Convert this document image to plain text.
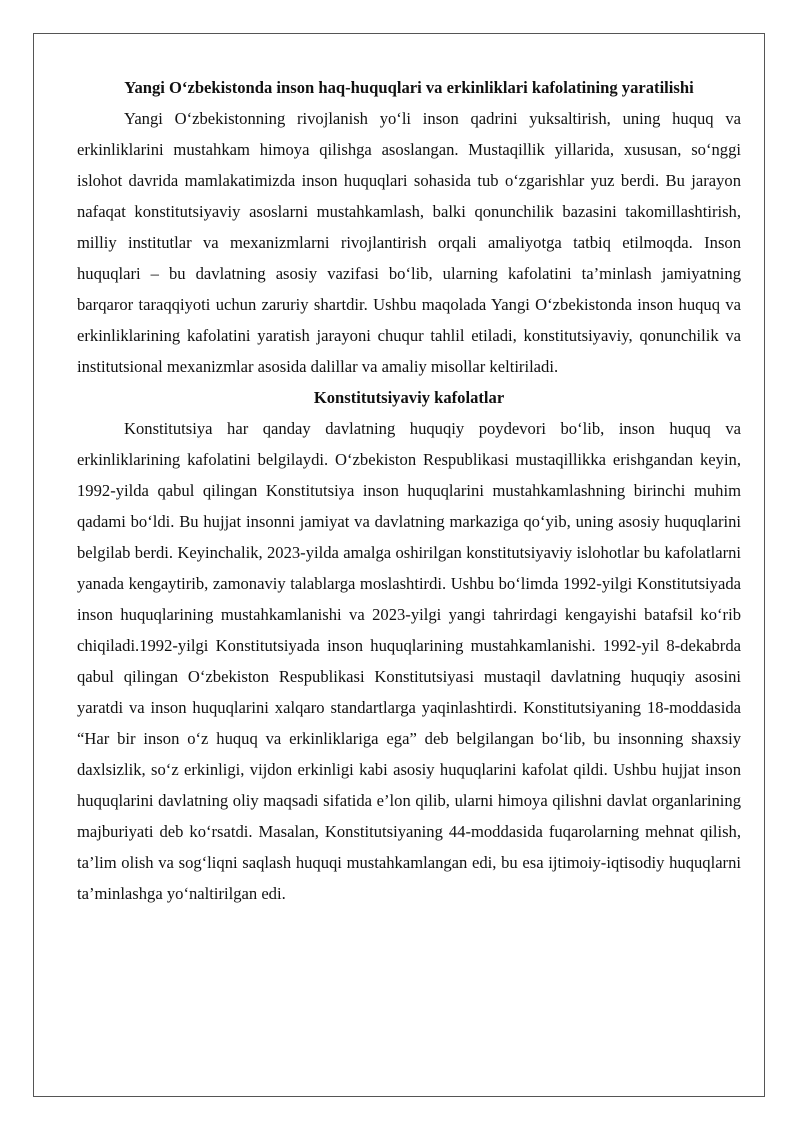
Yangi O‘zbekistonda inson haq-huquqlari va erkinliklari kafolatining yaratilishi

Yangi O‘zbekistonning rivojlanish yo‘li inson qadrini yuksaltirish, uning huquq va erkinliklarini mustahkam himoya qilishga asoslangan. Mustaqillik yillarida, xususan, so‘nggi islohot davrida mamlakatimizda inson huquqlari sohasida tub o‘zgarishlar yuz berdi. Bu jarayon nafaqat konstitutsiyaviy asoslarni mustahkamlash, balki qonunchilik bazasini takomillashtirish, milliy institutlar va mexanizmlarni rivojlantirish orqali amaliyotga tatbiq etilmoqda. Inson huquqlari – bu davlatning asosiy vazifasi bo‘lib, ularning kafolatini ta’minlash jamiyatning barqaror taraqqiyoti uchun zaruriy shartdir. Ushbu maqolada Yangi O‘zbekistonda inson huquq va erkinliklarining kafolatini yaratish jarayoni chuqur tahlil etiladi, konstitutsiyaviy, qonunchilik va institutsional mexanizmlar asosida dalillar va amaliy misollar keltiriladi.

Konstitutsiyaviy kafolatlar

Konstitutsiya har qanday davlatning huquqiy poydevori bo‘lib, inson huquq va erkinliklarining kafolatini belgilaydi. O‘zbekiston Respublikasi mustaqillikka erishgandan keyin, 1992-yilda qabul qilingan Konstitutsiya inson huquqlarini mustahkamlashning birinchi muhim qadami bo‘ldi. Bu hujjat insonni jamiyat va davlatning markaziga qo‘yib, uning asosiy huquqlarini belgilab berdi. Keyinchalik, 2023-yilda amalga oshirilgan konstitutsiyaviy islohotlar bu kafolatlarni yanada kengaytirib, zamonaviy talablarga moslashtirdi. Ushbu bo‘limda 1992-yilgi Konstitutsiyada inson huquqlarining mustahkamlanishi va 2023-yilgi yangi tahrirdagi kengayishi batafsil ko‘rib chiqiladi.1992-yilgi Konstitutsiyada inson huquqlarining mustahkamlanishi. 1992-yil 8-dekabrda qabul qilingan O‘zbekiston Respublikasi Konstitutsiyasi mustaqil davlatning huquqiy asosini yaratdi va inson huquqlarini xalqaro standartlarga yaqinlashtirdi. Konstitutsiyaning 18-moddasida “Har bir inson o‘z huquq va erkinliklariga ega” deb belgilangan bo‘lib, bu insonning shaxsiy daxlsizlik, so‘z erkinligi, vijdon erkinligi kabi asosiy huquqlarini kafolat qildi. Ushbu hujjat inson huquqlarini davlatning oliy maqsadi sifatida e’lon qilib, ularni himoya qilishni davlat organlarining majburiyati deb ko‘rsatdi. Masalan, Konstitutsiyaning 44-moddasida fuqarolarning mehnat qilish, ta’lim olish va sog‘liqni saqlash huquqi mustahkamlangan edi, bu esa ijtimoiy-iqtisodiy huquqlarni ta’minlashga yo‘naltirilgan edi.
